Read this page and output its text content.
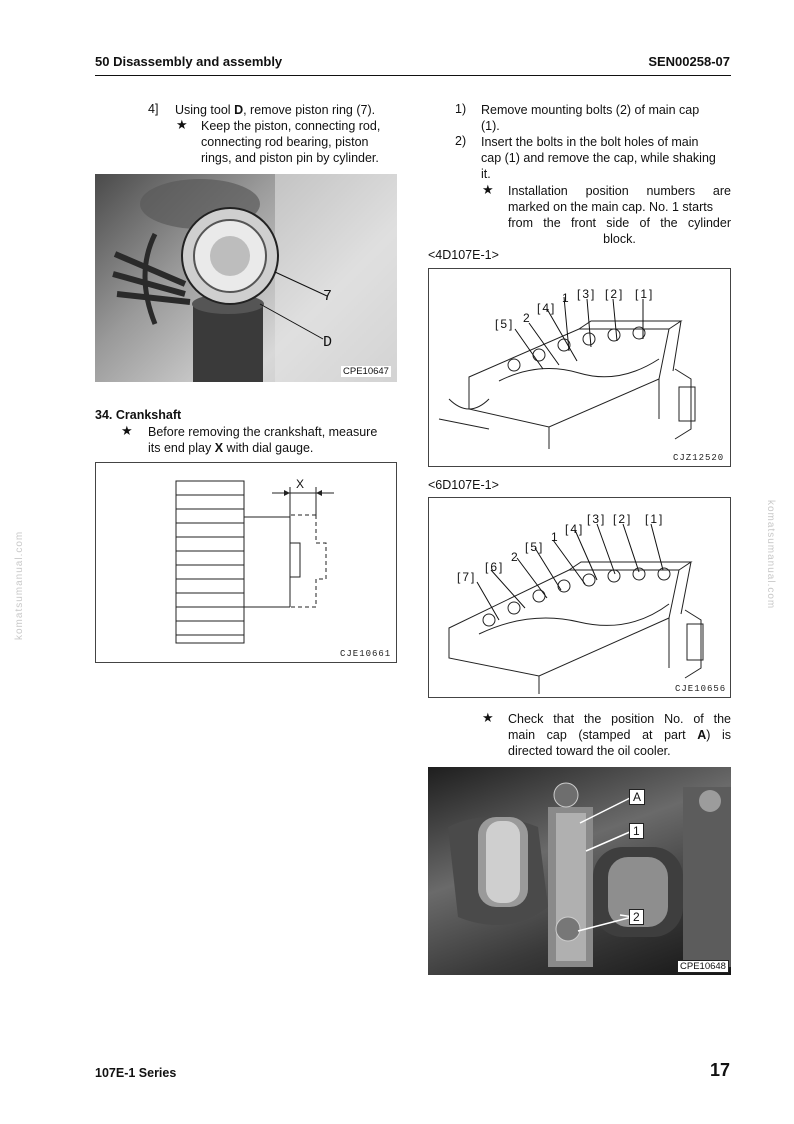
50 Disassembly and assembly	SEN00258-07
komatsumanual.com	komatsumanual.com
4] Using tool D, remove piston ring (7).
★ Keep the piston, connecting rod,
connecting rod bearing, piston
rings, and piston pin by cylinder.
7
D
CPE10647
34. Crankshaft
★ Before removing the crankshaft, measure
its end play X with dial gauge.
X
CJE10661
1) Remove mounting bolts (2) of main cap
(1).
2) Insert the bolts in the bolt holes of main
cap (1) and remove the cap, while shaking
it.
★ Installation position numbers are
marked on the main cap. No. 1 starts
from the front side of the cylinder
block.
<4D107E-1>
[1]
[2]
[3]
1
[4]
2
[5]
CJZ12520
<6D107E-1>
[1]
[2]
[3]
[4]
1
[5]
2
[6]
[7]
CJE10656
★ Check that the position No. of the
main cap (stamped at part A) is
directed toward the oil cooler.
A
1
2
CPE10648
107E-1 Series	17
